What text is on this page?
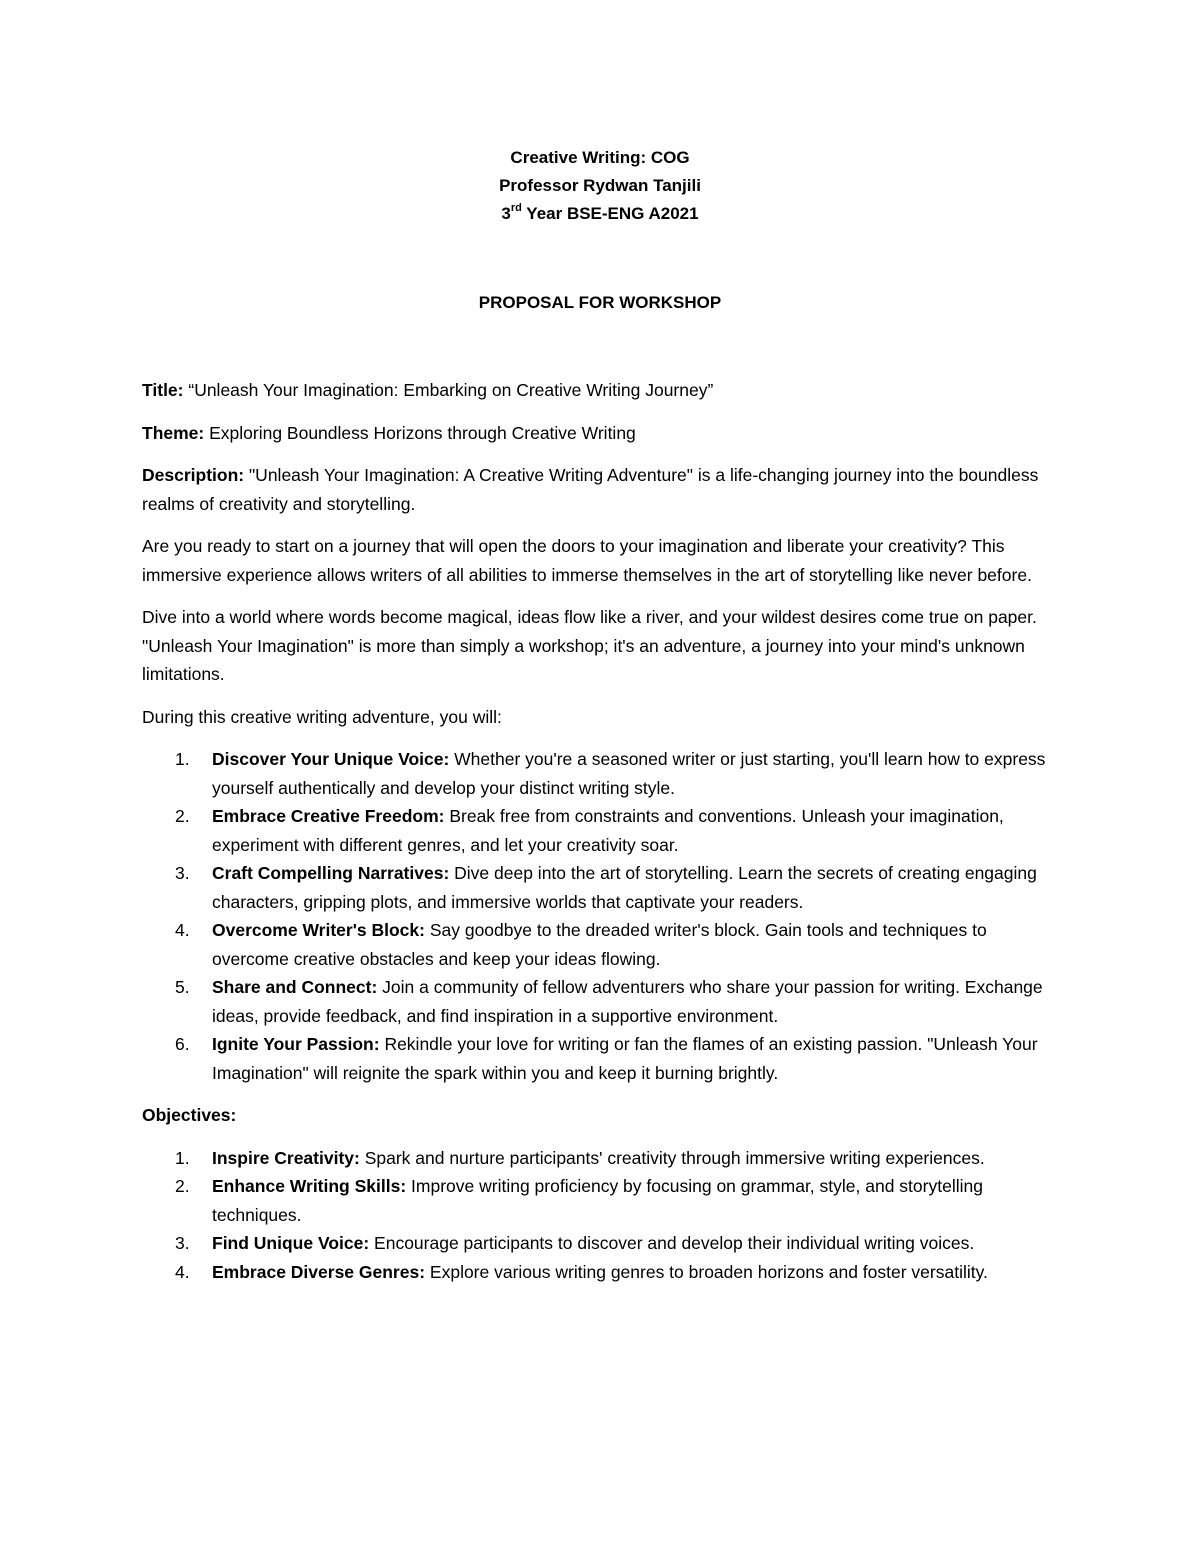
Creative Writing: COG
Professor Rydwan Tanjili
3rd Year BSE-ENG A2021
PROPOSAL FOR WORKSHOP

Title: “Unleash Your Imagination: Embarking on Creative Writing Journey”

Theme: Exploring Boundless Horizons through Creative Writing

Description: "Unleash Your Imagination: A Creative Writing Adventure" is a life-changing journey into the boundless realms of creativity and storytelling.

Are you ready to start on a journey that will open the doors to your imagination and liberate your creativity? This immersive experience allows writers of all abilities to immerse themselves in the art of storytelling like never before.

Dive into a world where words become magical, ideas flow like a river, and your wildest desires come true on paper. "Unleash Your Imagination" is more than simply a workshop; it's an adventure, a journey into your mind's unknown limitations.

During this creative writing adventure, you will:

1. Discover Your Unique Voice: Whether you're a seasoned writer or just starting, you'll learn how to express yourself authentically and develop your distinct writing style.
2. Embrace Creative Freedom: Break free from constraints and conventions. Unleash your imagination, experiment with different genres, and let your creativity soar.
3. Craft Compelling Narratives: Dive deep into the art of storytelling. Learn the secrets of creating engaging characters, gripping plots, and immersive worlds that captivate your readers.
4. Overcome Writer's Block: Say goodbye to the dreaded writer's block. Gain tools and techniques to overcome creative obstacles and keep your ideas flowing.
5. Share and Connect: Join a community of fellow adventurers who share your passion for writing. Exchange ideas, provide feedback, and find inspiration in a supportive environment.
6. Ignite Your Passion: Rekindle your love for writing or fan the flames of an existing passion. "Unleash Your Imagination" will reignite the spark within you and keep it burning brightly.

Objectives:

1. Inspire Creativity: Spark and nurture participants' creativity through immersive writing experiences.
2. Enhance Writing Skills: Improve writing proficiency by focusing on grammar, style, and storytelling techniques.
3. Find Unique Voice: Encourage participants to discover and develop their individual writing voices.
4. Embrace Diverse Genres: Explore various writing genres to broaden horizons and foster versatility.
